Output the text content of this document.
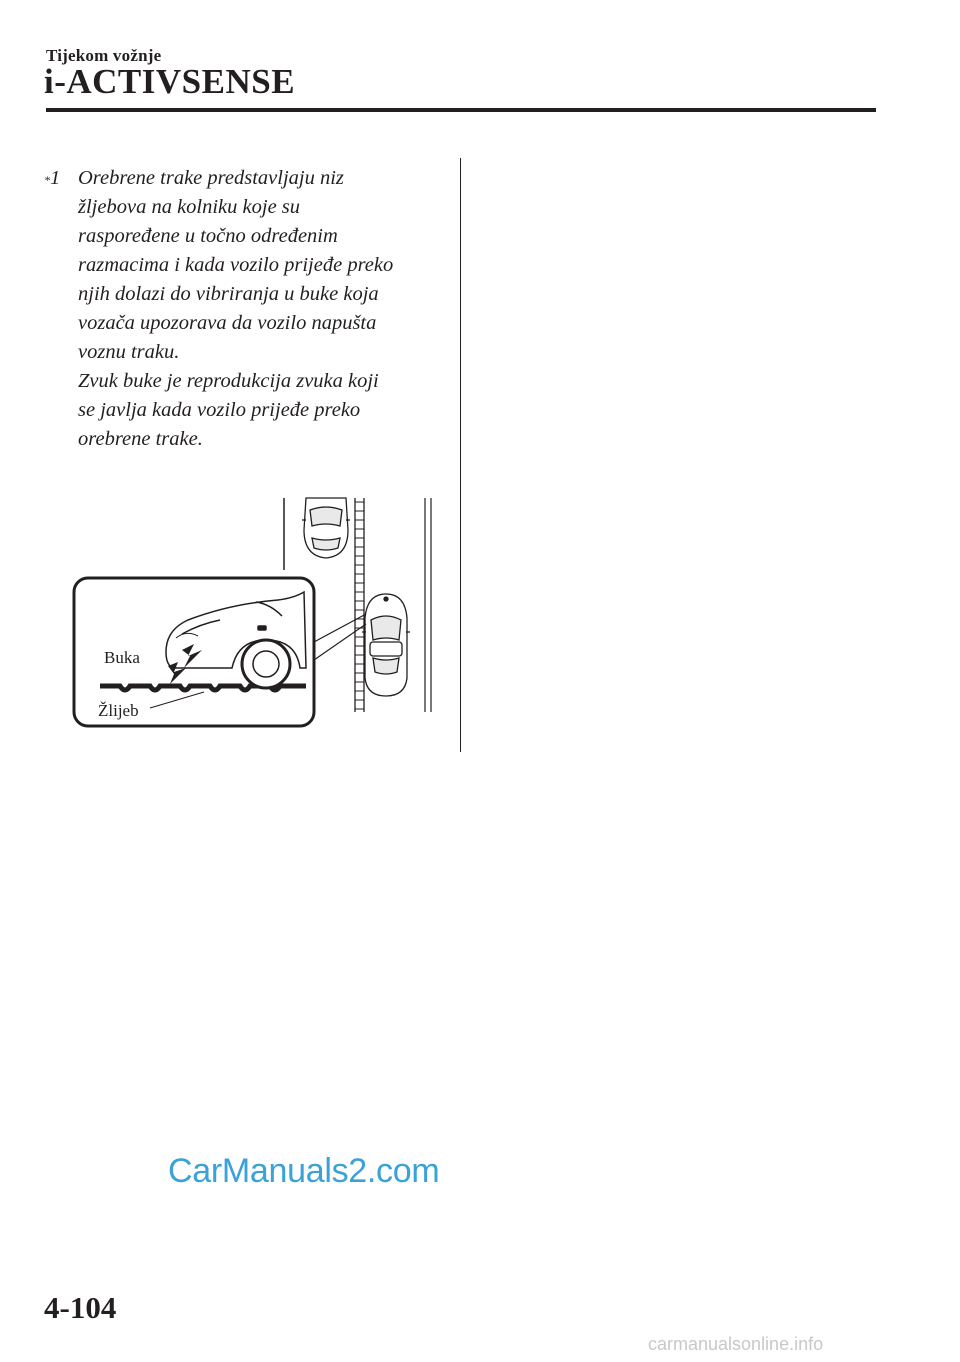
Tijekom vožnje
i-ACTIVSENSE
*1 Orebrene trake predstavljaju niz
žljebova na kolniku koje su
raspoređene u točno određenim
razmacima i kada vozilo prijeđe preko
njih dolazi do vibriranja u buke koja
vozača upozorava da vozilo napušta
voznu traku.
Zvuk buke je reprodukcija zvuka koji
se javlja kada vozilo prijeđe preko
orebrene trake.
Buka
Žlijeb
CarManuals2.com
4-104
carmanualsonline.info
